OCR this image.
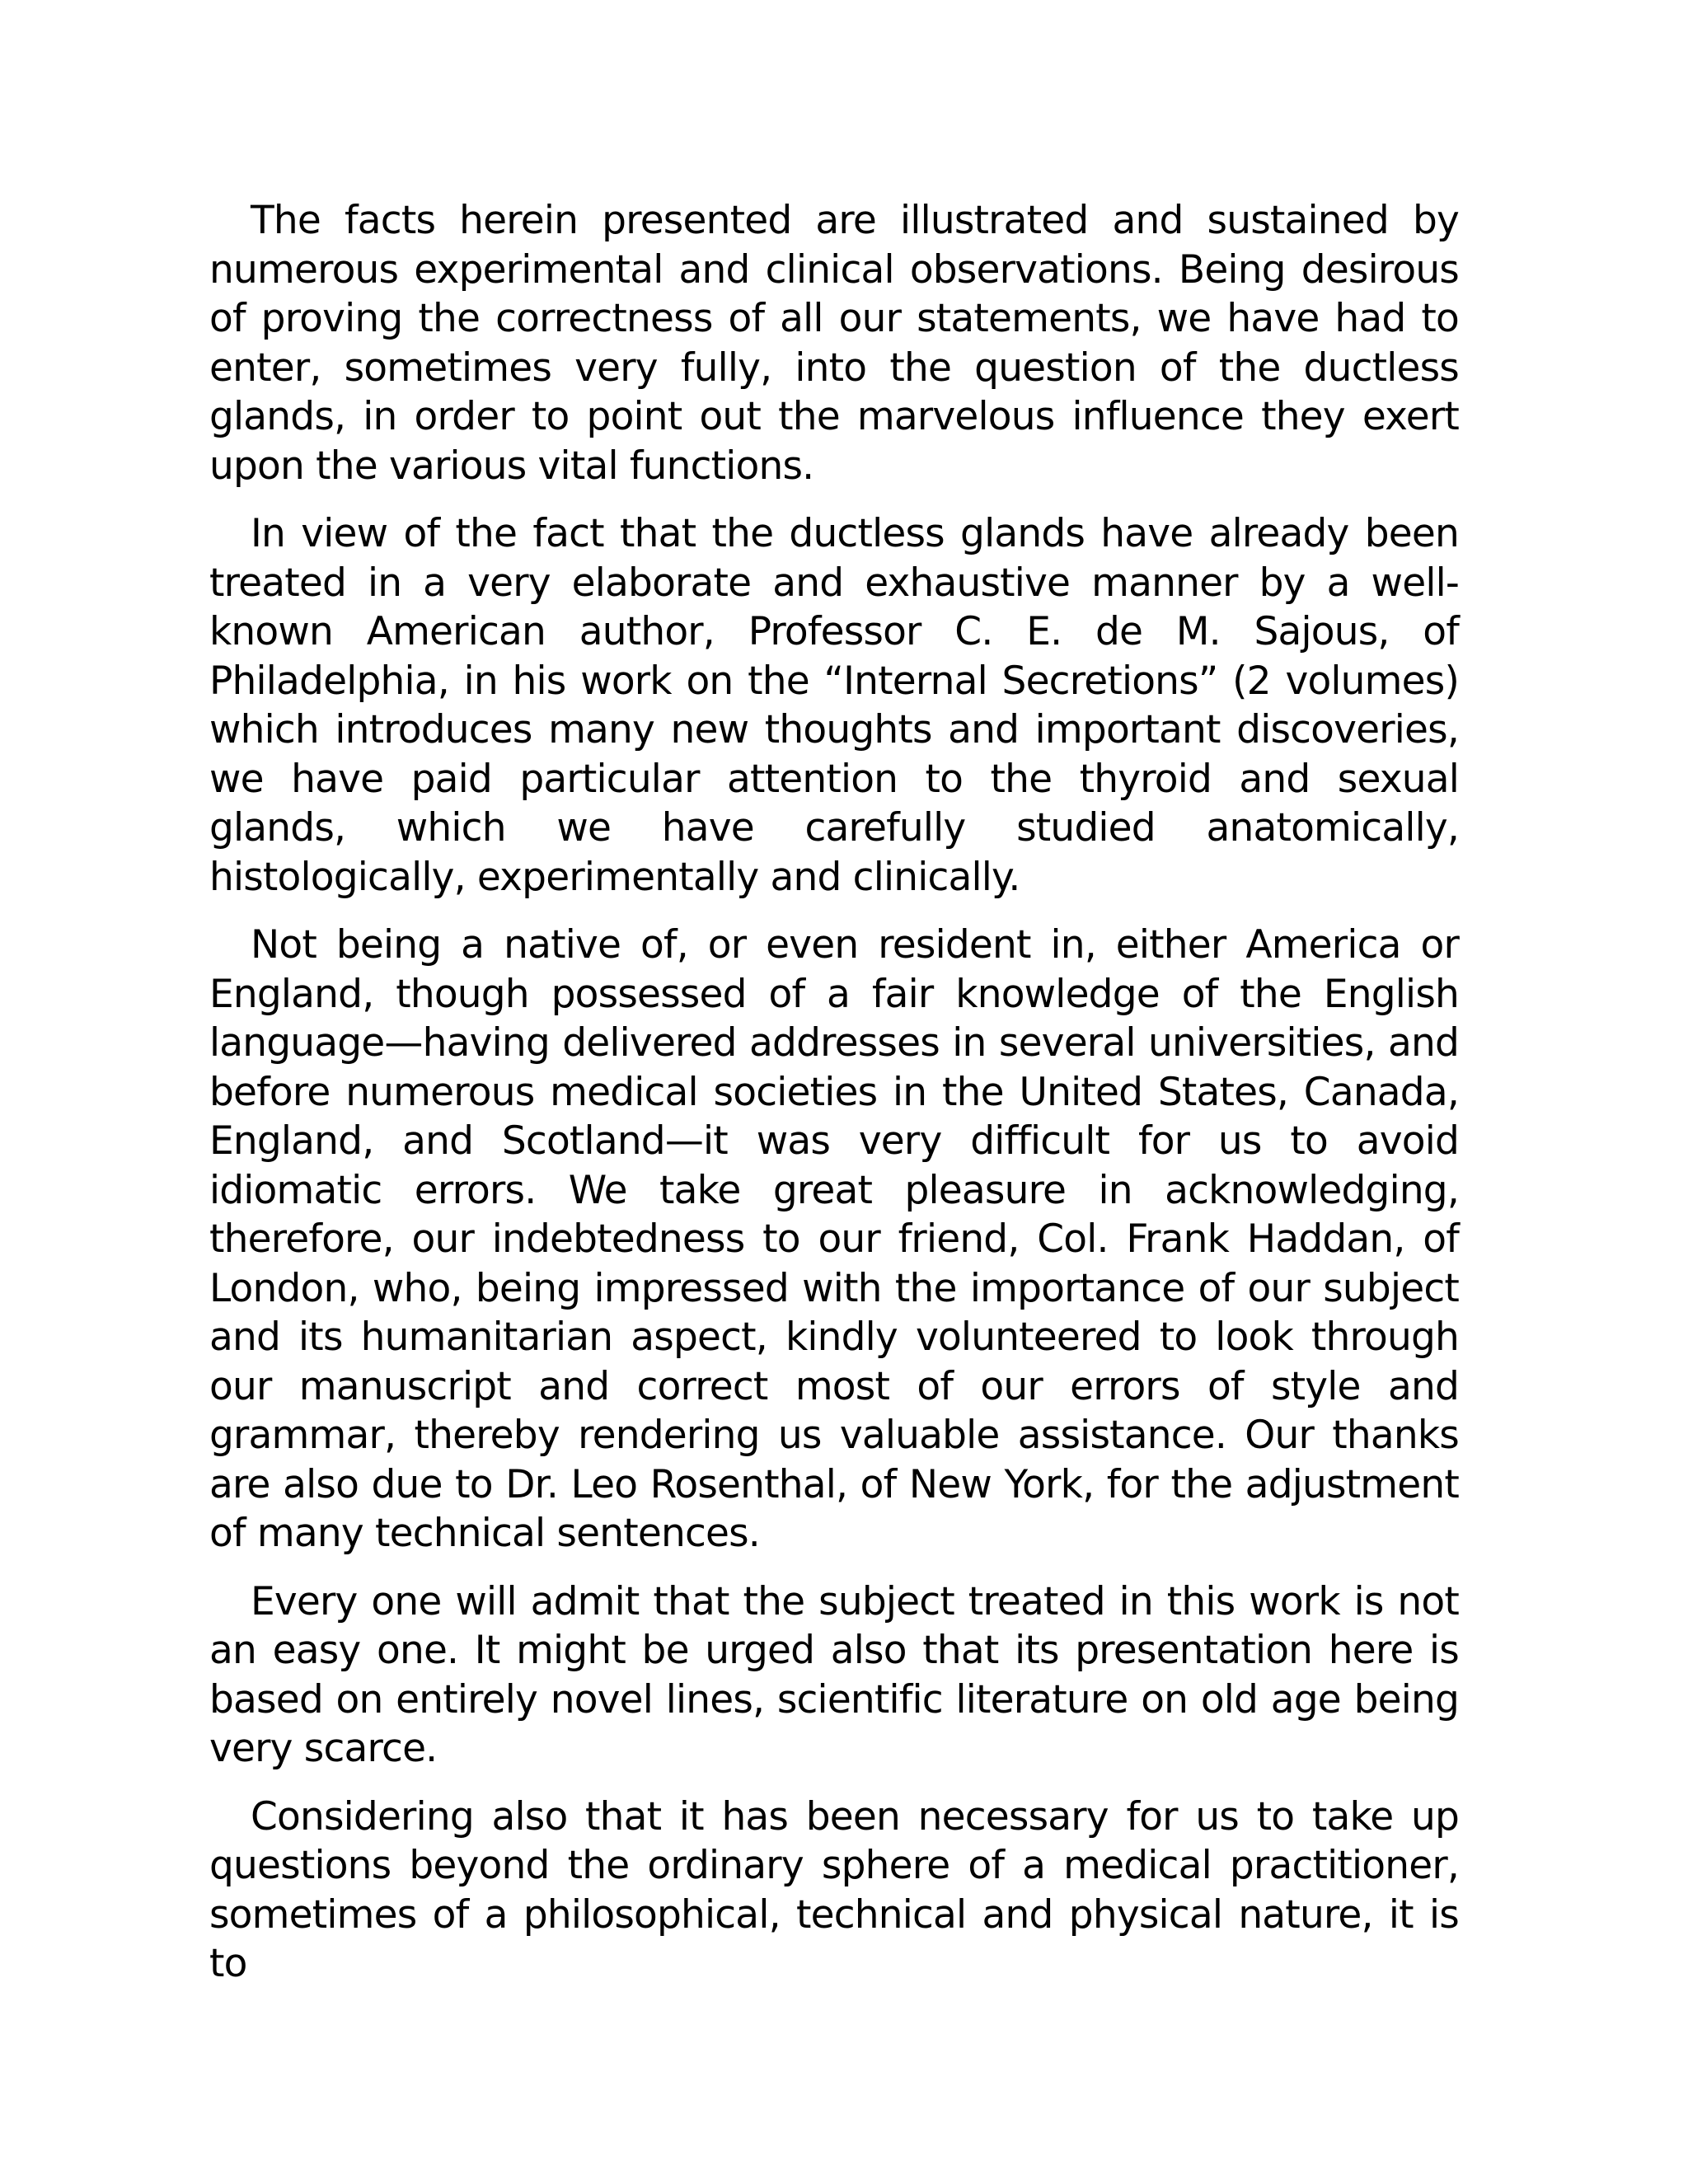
The facts herein presented are illustrated and sustained by numerous experimental and clinical observations. Being desirous of proving the correctness of all our statements, we have had to enter, sometimes very fully, into the question of the ductless glands, in order to point out the marvelous influence they exert upon the various vital functions.

In view of the fact that the ductless glands have already been treated in a very elaborate and exhaustive manner by a well-known American author, Professor C. E. de M. Sajous, of Philadelphia, in his work on the “Internal Secretions” (2 volumes) which introduces many new thoughts and important discoveries, we have paid particular attention to the thyroid and sexual glands, which we have carefully studied anatomically, histologically, experimentally and clinically.

Not being a native of, or even resident in, either America or England, though possessed of a fair knowledge of the English language—having delivered addresses in several universities, and before numerous medical societies in the United States, Canada, England, and Scotland—it was very difficult for us to avoid idiomatic errors. We take great pleasure in acknowledging, therefore, our indebtedness to our friend, Col. Frank Haddan, of London, who, being impressed with the importance of our subject and its humanitarian aspect, kindly volunteered to look through our manuscript and correct most of our errors of style and grammar, thereby rendering us valuable assistance. Our thanks are also due to Dr. Leo Rosenthal, of New York, for the adjustment of many technical sentences.

Every one will admit that the subject treated in this work is not an easy one. It might be urged also that its presentation here is based on entirely novel lines, scientific literature on old age being very scarce.

Considering also that it has been necessary for us to take up questions beyond the ordinary sphere of a medical practitioner, sometimes of a philosophical, technical and physical nature, it is to
